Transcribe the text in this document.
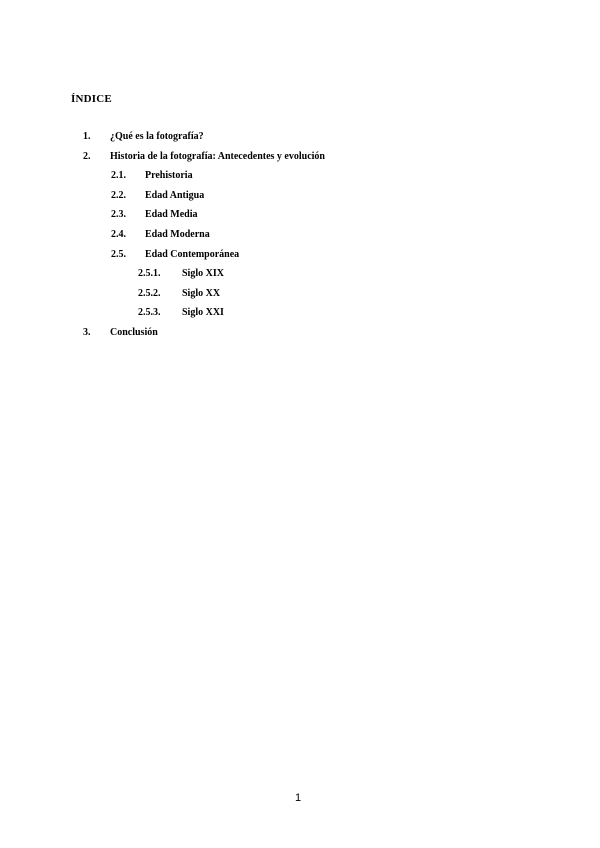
ÍNDICE
1. ¿Qué es la fotografía?
2. Historia de la fotografía: Antecedentes y evolución
2.1. Prehistoria
2.2. Edad Antigua
2.3. Edad Media
2.4. Edad Moderna
2.5. Edad Contemporánea
2.5.1. Siglo XIX
2.5.2. Siglo XX
2.5.3. Siglo XXI
3. Conclusión
1
